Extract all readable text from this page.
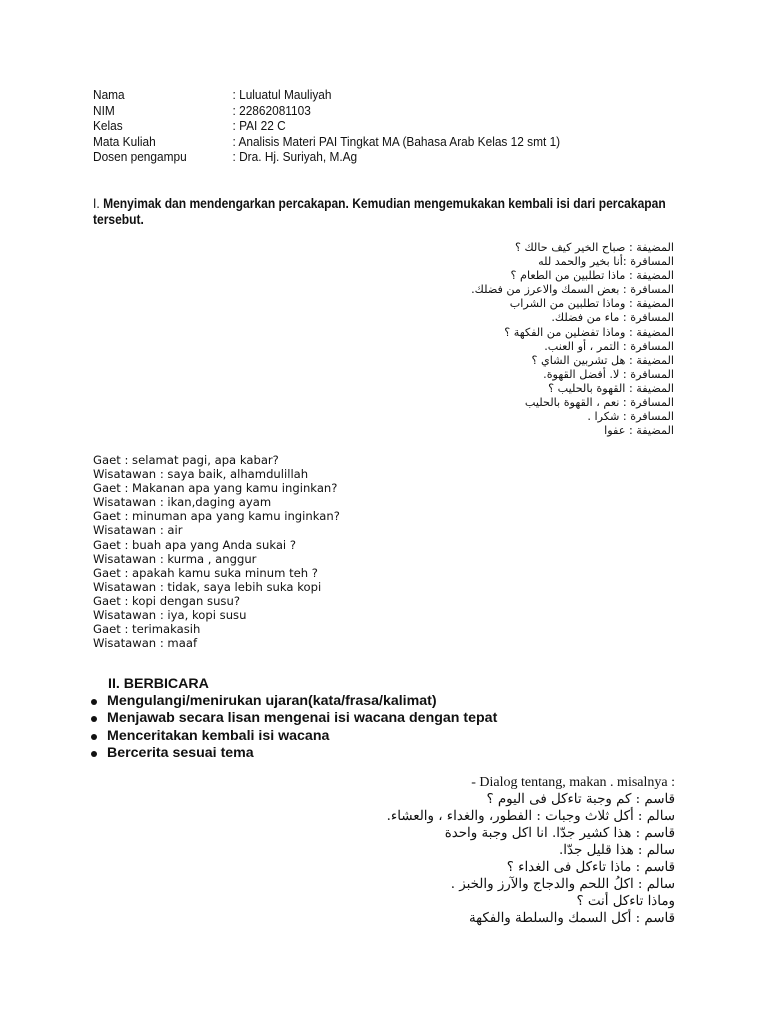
Nama	: Luluatul Mauliyah
NIM	: 22862081103
Kelas	: PAI 22 C
Mata Kuliah	: Analisis Materi PAI Tingkat MA (Bahasa Arab Kelas 12 smt 1)
Dosen pengampu	: Dra. Hj. Suriyah, M.Ag
I. Menyimak dan mendengarkan percakapan. Kemudian mengemukakan kembali isi dari percakapan tersebut.
المضيفة : صباح الخير كيف حالك ؟
المسافرة :أنا بخير والحمد لله
المضيفة : ماذا تطلبين من الطعام ؟
المسافرة : بعض السمك والاعرز من فضلك.
المضيفة : وماذا تطلبين من الشراب
المسافرة : ماء من فضلك.
المضيفة : وماذا تفضلين من الفكهة ؟
المسافرة : التمر ، أو العنب.
المضيفة : هل تشربين الشاي ؟
المسافرة : لا. أفضل القهوة.
المضيفة : القهوة بالحليب ؟
المسافرة : نعم ، القهوة بالحليب
المسافرة : شكرا .
المضيفة : عفوا
Gaet : selamat pagi, apa kabar?
Wisatawan : saya baik, alhamdulillah
Gaet : Makanan apa yang kamu inginkan?
Wisatawan : ikan,daging ayam
Gaet : minuman apa yang kamu inginkan?
Wisatawan : air
Gaet : buah apa yang Anda sukai ?
Wisatawan : kurma , anggur
Gaet : apakah kamu suka minum teh ?
Wisatawan : tidak, saya lebih suka kopi
Gaet : kopi dengan susu?
Wisatawan : iya, kopi susu
Gaet : terimakasih
Wisatawan : maaf
II. BERBICARA
Mengulangi/menirukan ujaran(kata/frasa/kalimat)
Menjawab secara lisan mengenai isi wacana dengan tepat
Menceritakan kembali isi wacana
Bercerita sesuai tema
- Dialog tentang, makan . misalnya :
قاسم : كم وجبة تاءكل فى اليوم ؟
سالم : أكل ثلاث وجبات : الفطور، والغداء ، والعشاء.
قاسم : هذا كشير جدّا. انا اكل وجبة واحدة
سالم : هذا قليل جدّا.
قاسم : ماذا تاءكل فى الغداء ؟
سالم : اكلُ اللحم والدجاج والآرز والخبز .
وماذا تاءكل أنت ؟
قاسم : أكل السمك والسلطة والفكهة
